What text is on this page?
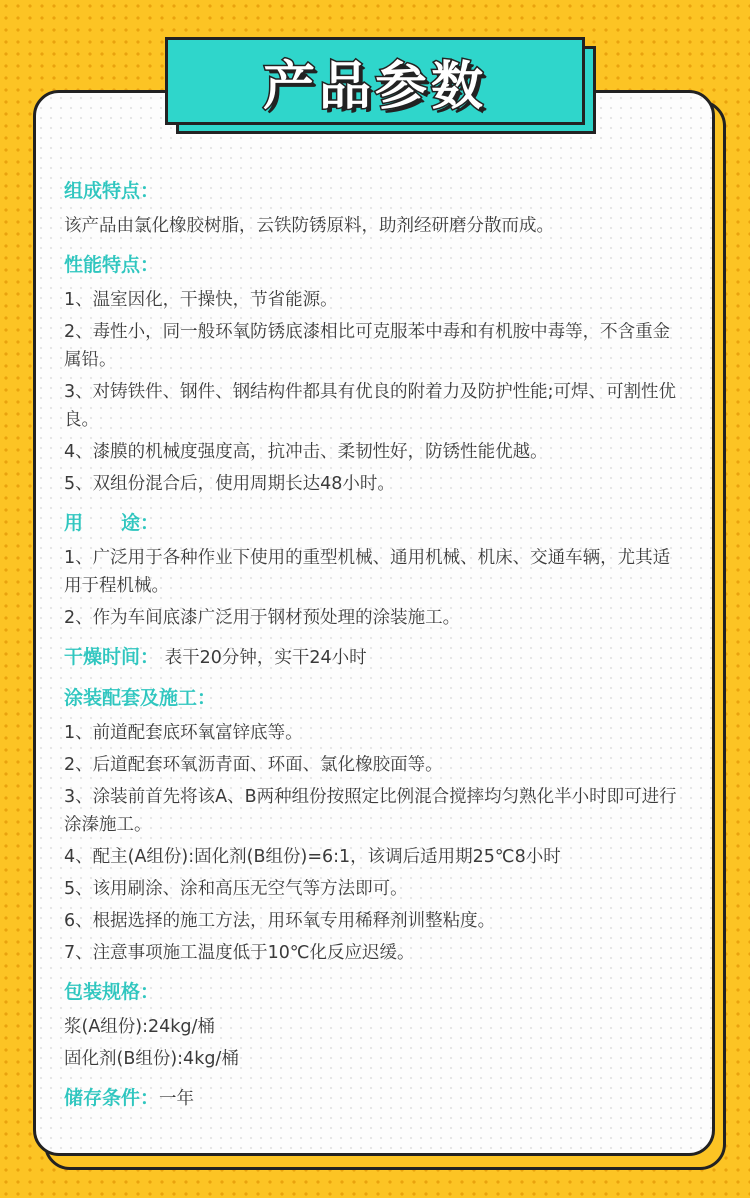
产品参数
组成特点：

该产品由氯化橡胶树脂，云铁防锈原料，助剂经研磨分散而成。

性能特点：

1、温室因化，干操快，节省能源。

2、毒性小，同一般环氧防锈底漆相比可克服苯中毒和有机胺中毒等，不含重金属铅。

3、对铸铁件、钢件、钢结构件都具有优良的附着力及防护性能;可焊、可割性优良。

4、漆膜的机械度强度高，抗冲击、柔韧性好，防锈性能优越。

5、双组份混合后，使用周期长达48小时。

用　　途：

1、广泛用于各种作业下使用的重型机械、通用机械、机床、交通车辆，尤其适用于程机械。

2、作为车间底漆广泛用于钢材预处理的涂装施工。

干燥时间： 表干20分钟，实干24小时
涂装配套及施工：

1、前道配套底环氧富锌底等。

2、后道配套环氧沥青面、环面、氯化橡胶面等。

3、涂装前首先将该A、B两种组份按照定比例混合搅摔均匀熟化半小时即可进行涂溱施工。

4、配主(A组份):固化剂(B组份)=6:1，该调后适用期25℃8小时

5、该用刷涂、涂和高压无空气等方法即可。

6、根据选择的施工方法，用环氧专用稀释剂训整粘度。

7、注意事项施工温度低于10℃化反应迟缓。

包装规格：

浆(A组份):24kg/桶

固化剂(B组份):4kg/桶

储存条件：一年
